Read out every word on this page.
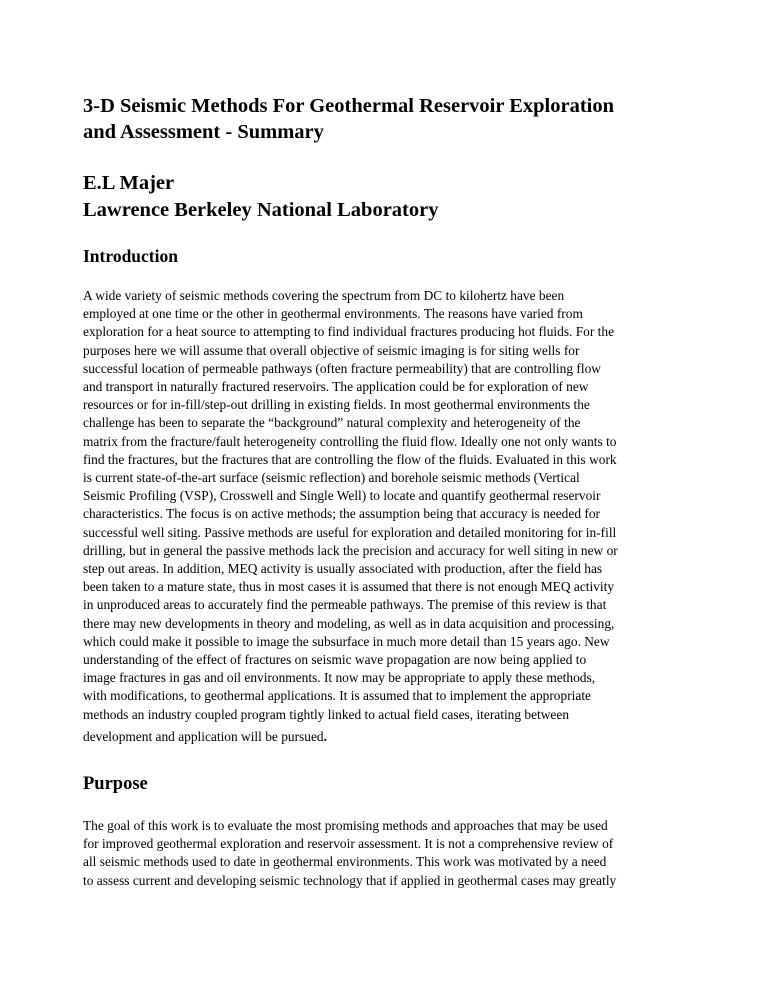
3-D Seismic Methods For Geothermal Reservoir Exploration
and Assessment - Summary
E.L Majer
Lawrence Berkeley National Laboratory
Introduction
A wide variety of seismic methods covering the spectrum from DC to kilohertz have been
employed at one time or the other in geothermal environments. The reasons have varied from
exploration for a heat source to attempting to find individual fractures producing hot fluids. For the
purposes here we will assume that overall objective of seismic imaging is for siting wells for
successful location of permeable pathways (often fracture permeability) that are controlling flow
and transport in naturally fractured reservoirs. The application could be for exploration of new
resources or for in-fill/step-out drilling in existing fields. In most geothermal environments the
challenge has been to separate the “background” natural complexity and heterogeneity of the
matrix from the fracture/fault heterogeneity controlling the fluid flow. Ideally one not only wants to
find the fractures, but the fractures that are controlling the flow of the fluids. Evaluated in this work
is current state-of-the-art surface (seismic reflection) and borehole seismic methods (Vertical
Seismic Profiling (VSP), Crosswell and Single Well) to locate and quantify geothermal reservoir
characteristics. The focus is on active methods; the assumption being that accuracy is needed for
successful well siting. Passive methods are useful for exploration and detailed monitoring for in-fill
drilling, but in general the passive methods lack the precision and accuracy for well siting in new or
step out areas. In addition, MEQ activity is usually associated with production, after the field has
been taken to a mature state, thus in most cases it is assumed that there is not enough MEQ activity
in unproduced areas to accurately find the permeable pathways. The premise of this review is that
there may new developments in theory and modeling, as well as in data acquisition and processing,
which could make it possible to image the subsurface in much more detail than 15 years ago. New
understanding of the effect of fractures on seismic wave propagation are now being applied to
image fractures in gas and oil environments. It now may be appropriate to apply these methods,
with modifications, to geothermal applications. It is assumed that to implement the appropriate
methods an industry coupled program tightly linked to actual field cases, iterating between
development and application will be pursued.
Purpose
The goal of this work is to evaluate the most promising methods and approaches that may be used
for improved geothermal exploration and reservoir assessment. It is not a comprehensive review of
all seismic methods used to date in geothermal environments. This work was motivated by a need
to assess current and developing seismic technology that if applied in geothermal cases may greatly
